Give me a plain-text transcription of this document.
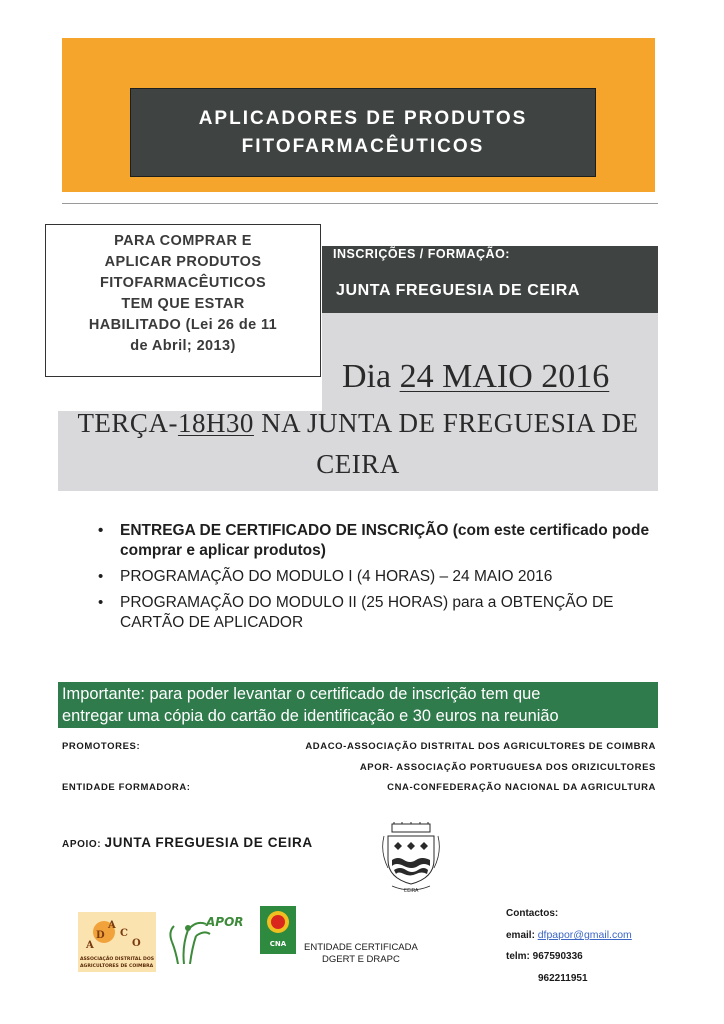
APLICADORES DE PRODUTOS
FITOFARMACÊUTICOS
PARA COMPRAR E
APLICAR PRODUTOS
FITOFARMACÊUTICOS
TEM QUE ESTAR
HABILITADO (Lei 26 de 11
de Abril; 2013)
INSCRIÇÕES / FORMAÇÃO:
JUNTA FREGUESIA DE CEIRA
Dia 24 MAIO 2016
TERÇA-18H30 NA JUNTA DE FREGUESIA DE
CEIRA
• ENTREGA DE CERTIFICADO DE INSCRIÇÃO (com este certificado pode comprar e aplicar produtos)
• PROGRAMAÇÃO DO MODULO I (4 HORAS) – 24 MAIO 2016
• PROGRAMAÇÃO DO MODULO II (25 HORAS) para a OBTENÇÃO DE CARTÃO DE APLICADOR
Importante: para poder levantar o certificado de inscrição tem que
entregar uma cópia do cartão de identificação e 30 euros na reunião
PROMOTORES:	ADACO-ASSOCIAÇÃO DISTRITAL DOS AGRICULTORES DE COIMBRA
APOR- ASSOCIAÇÃO PORTUGUESA DOS ORIZICULTORES
ENTIDADE FORMADORA:	CNA-CONFEDERAÇÃO NACIONAL DA AGRICULTURA
APOIO: JUNTA FREGUESIA DE CEIRA
CEIRA
A
D
A
C
O
ASSOCIAÇÃO DISTRITAL DOS
AGRICULTORES DE COIMBRA
APOR
CNA ENTIDADE CERTIFICADA
DGERT E DRAPC
Contactos:
email: dfpapor@gmail.com
telm: 967590336
962211951
